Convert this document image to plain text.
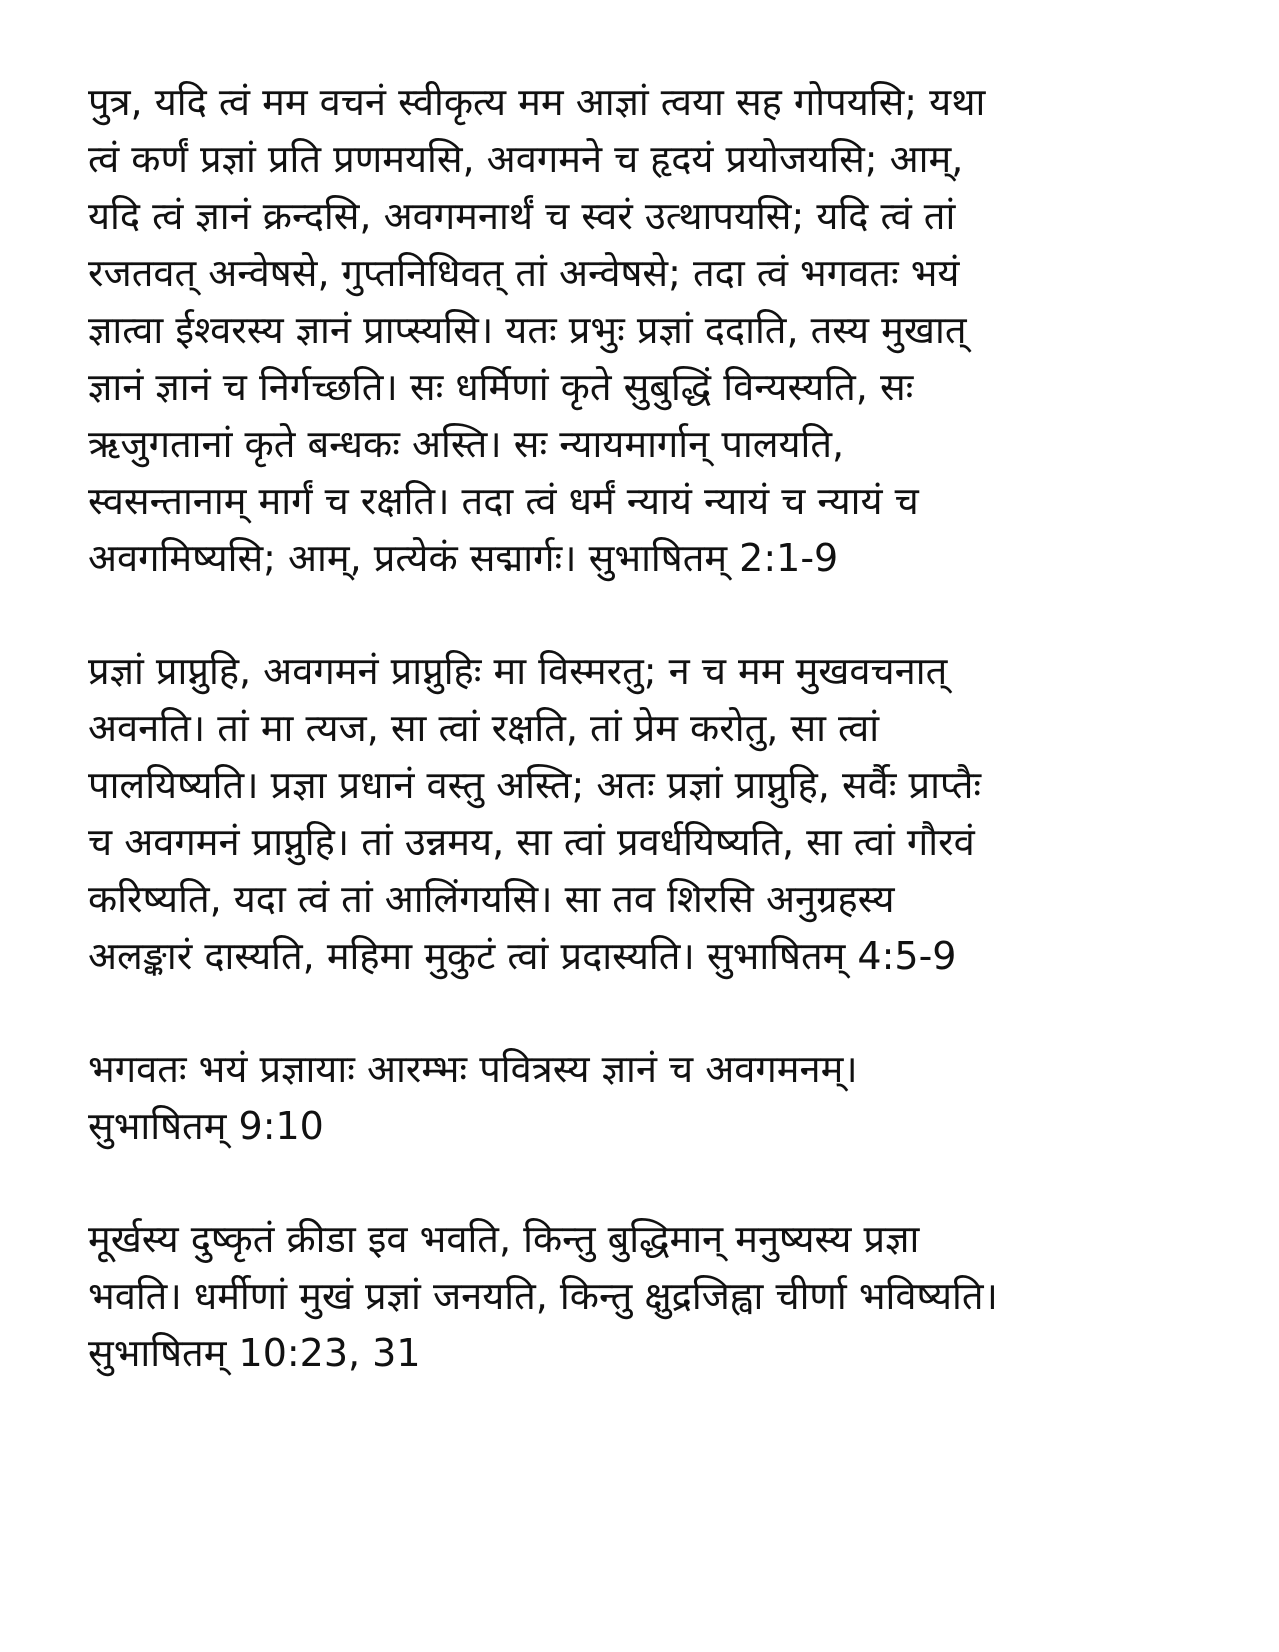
पुत्र, यदि त्वं मम वचनं स्वीकृत्य मम आज्ञां त्वया सह गोपयसि; यथा
त्वं कर्णं प्रज्ञां प्रति प्रणमयसि, अवगमने च हृदयं प्रयोजयसि; आम्,
यदि त्वं ज्ञानं क्रन्दसि, अवगमनार्थं च स्वरं उत्थापयसि; यदि त्वं तां
रजतवत् अन्वेषसे, गुप्तनिधिवत् तां अन्वेषसे; तदा त्वं भगवतः भयं
ज्ञात्वा ईश्वरस्य ज्ञानं प्राप्स्यसि। यतः प्रभुः प्रज्ञां ददाति, तस्य मुखात्
ज्ञानं ज्ञानं च निर्गच्छति। सः धर्मिणां कृते सुबुद्धिं विन्यस्यति, सः
ऋजुगतानां कृते बन्धकः अस्ति। सः न्यायमार्गान् पालयति,
स्वसन्तानाम् मार्गं च रक्षति। तदा त्वं धर्मं न्यायं न्यायं च न्यायं च
अवगमिष्यसि; आम्, प्रत्येकं सद्मार्गः। सुभाषितम् 2:1-9

प्रज्ञां प्राप्नुहि, अवगमनं प्राप्नुहिः मा विस्मरतु; न च मम मुखवचनात्
अवनति। तां मा त्यज, सा त्वां रक्षति, तां प्रेम करोतु, सा त्वां
पालयिष्यति। प्रज्ञा प्रधानं वस्तु अस्ति; अतः प्रज्ञां प्राप्नुहि, सर्वैः प्राप्तैः
च अवगमनं प्राप्नुहि। तां उन्नमय, सा त्वां प्रवर्धयिष्यति, सा त्वां गौरवं
करिष्यति, यदा त्वं तां आलिंगयसि। सा तव शिरसि अनुग्रहस्य
अलङ्कारं दास्यति, महिमा मुकुटं त्वां प्रदास्यति। सुभाषितम् 4:5-9

भगवतः भयं प्रज्ञायाः आरम्भः पवित्रस्य ज्ञानं च अवगमनम्।
सुभाषितम् 9:10

मूर्खस्य दुष्कृतं क्रीडा इव भवति, किन्तु बुद्धिमान् मनुष्यस्य प्रज्ञा
भवति। धर्मीणां मुखं प्रज्ञां जनयति, किन्तु क्षुद्रजिह्वा चीर्णा भविष्यति।
सुभाषितम् 10:23, 31
